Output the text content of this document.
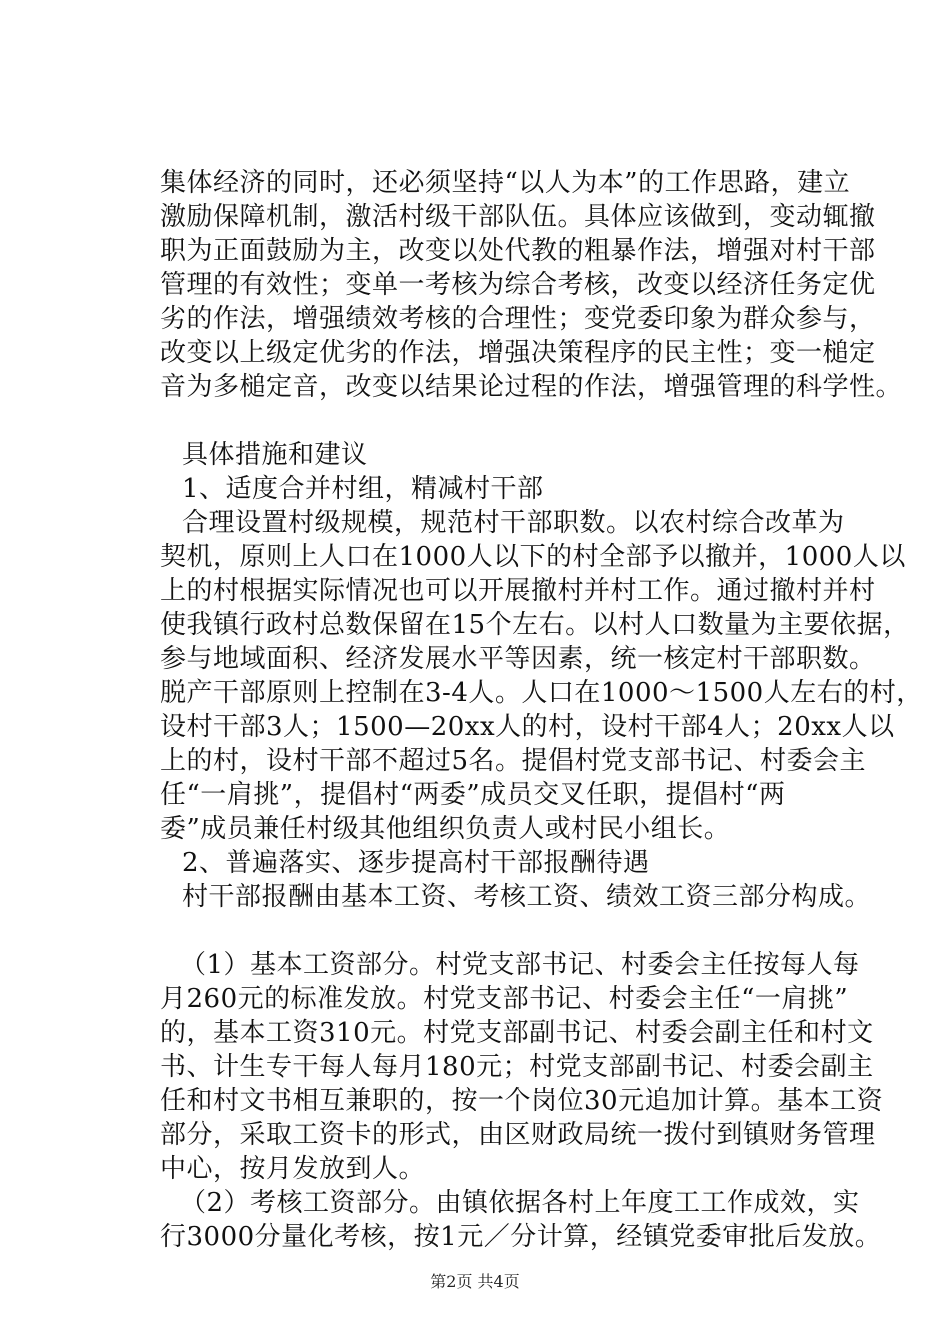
集体经济的同时，还必须坚持“以人为本”的工作思路，建立
激励保障机制，激活村级干部队伍。具体应该做到，变动辄撤
职为正面鼓励为主，改变以处代教的粗暴作法，增强对村干部
管理的有效性；变单一考核为综合考核，改变以经济任务定优
劣的作法，增强绩效考核的合理性；变党委印象为群众参与，
改变以上级定优劣的作法，增强决策程序的民主性；变一槌定
音为多槌定音，改变以结果论过程的作法，增强管理的科学性。
具体措施和建议
1、适度合并村组，精减村干部
合理设置村级规模，规范村干部职数。以农村综合改革为
契机，原则上人口在1000人以下的村全部予以撤并，1000人以
上的村根据实际情况也可以开展撤村并村工作。通过撤村并村
使我镇行政村总数保留在15个左右。以村人口数量为主要依据，
参与地域面积、经济发展水平等因素，统一核定村干部职数。
脱产干部原则上控制在3-4人。人口在1000～1500人左右的村，
设村干部3人；1500—20xx人的村，设村干部4人；20xx人以
上的村，设村干部不超过5名。提倡村党支部书记、村委会主
任“一肩挑”，提倡村“两委”成员交叉任职，提倡村“两
委”成员兼任村级其他组织负责人或村民小组长。
2、普遍落实、逐步提高村干部报酬待遇
村干部报酬由基本工资、考核工资、绩效工资三部分构成。
（1）基本工资部分。村党支部书记、村委会主任按每人每
月260元的标准发放。村党支部书记、村委会主任“一肩挑”
的，基本工资310元。村党支部副书记、村委会副主任和村文
书、计生专干每人每月180元；村党支部副书记、村委会副主
任和村文书相互兼职的，按一个岗位30元追加计算。基本工资
部分，采取工资卡的形式，由区财政局统一拨付到镇财务管理
中心，按月发放到人。
（2）考核工资部分。由镇依据各村上年度工工作成效，实
行3000分量化考核，按1元／分计算，经镇党委审批后发放。
第2页 共4页
